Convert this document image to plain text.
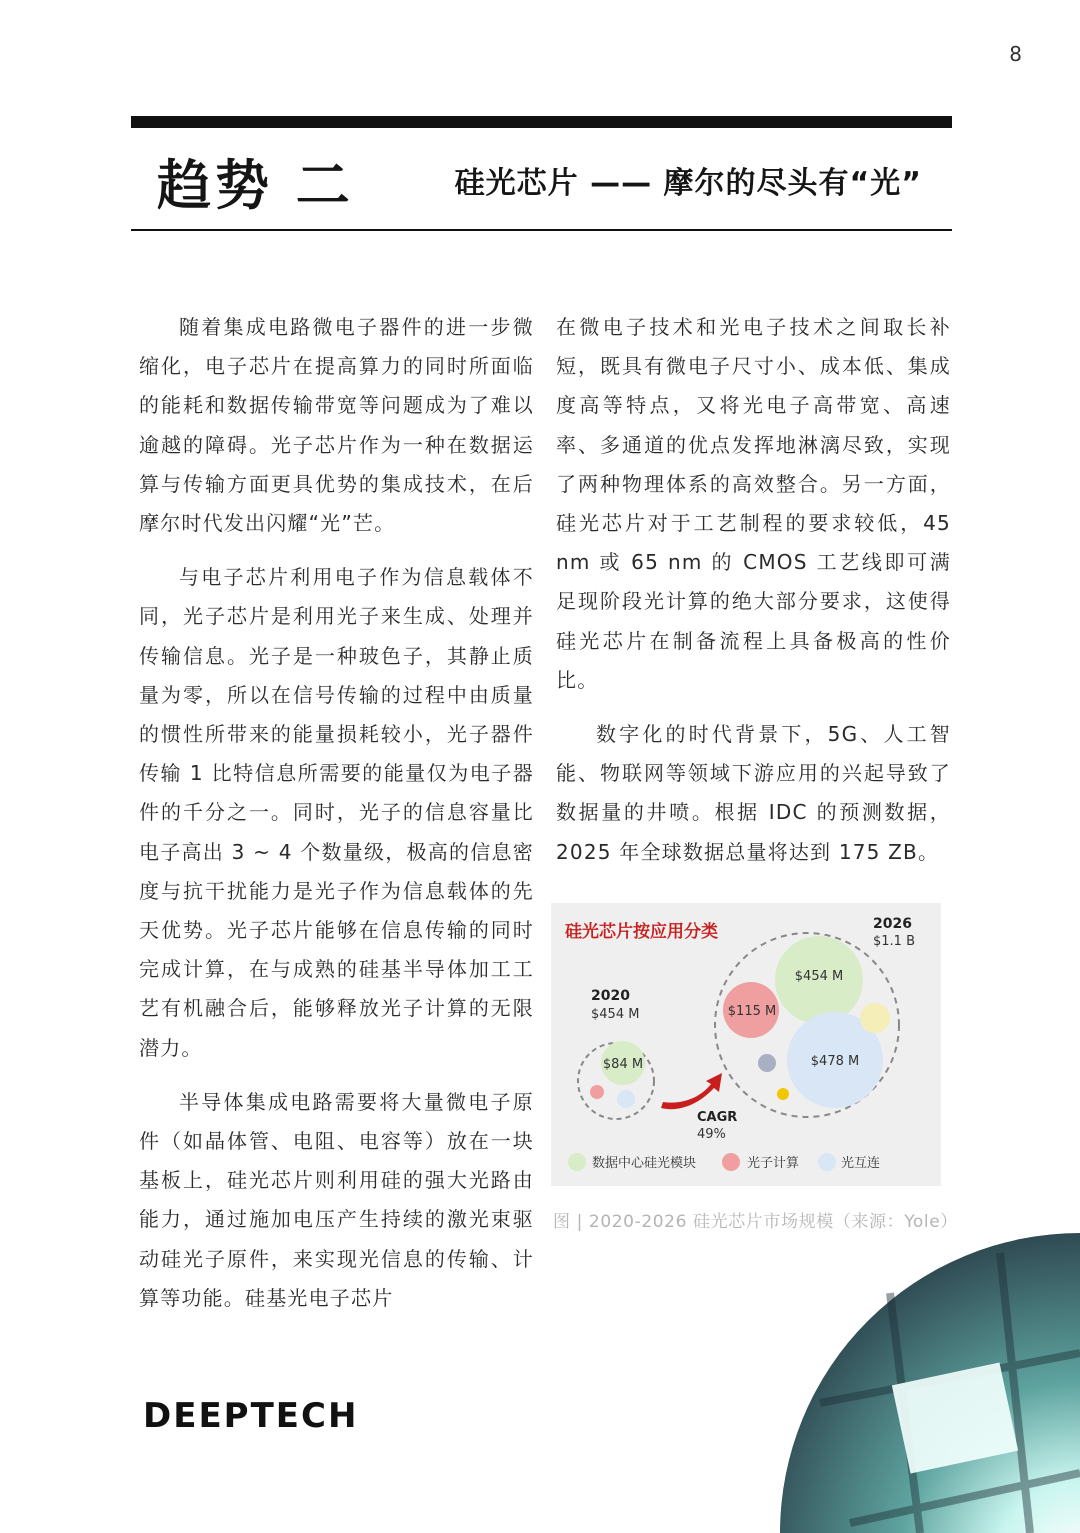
8
趋势 二	硅光芯片 —— 摩尔的尽头有“光”

随着集成电路微电子器件的进一步微缩化，电子芯片在提高算力的同时所面临的能耗和数据传输带宽等问题成为了难以逾越的障碍。光子芯片作为一种在数据运算与传输方面更具优势的集成技术，在后摩尔时代发出闪耀“光”芒。

与电子芯片利用电子作为信息载体不同，光子芯片是利用光子来生成、处理并传输信息。光子是一种玻色子，其静止质量为零，所以在信号传输的过程中由质量的惯性所带来的能量损耗较小，光子器件传输 1 比特信息所需要的能量仅为电子器件的千分之一。同时，光子的信息容量比电子高出 3 ~ 4 个数量级，极高的信息密度与抗干扰能力是光子作为信息载体的先天优势。光子芯片能够在信息传输的同时完成计算，在与成熟的硅基半导体加工工艺有机融合后，能够释放光子计算的无限潜力。

半导体集成电路需要将大量微电子原件（如晶体管、电阻、电容等）放在一块基板上，硅光芯片则利用硅的强大光路由能力，通过施加电压产生持续的激光束驱动硅光子原件，来实现光信息的传输、计算等功能。硅基光电子芯片

在微电子技术和光电子技术之间取长补短，既具有微电子尺寸小、成本低、集成度高等特点，又将光电子高带宽、高速率、多通道的优点发挥地淋漓尽致，实现了两种物理体系的高效整合。另一方面，硅光芯片对于工艺制程的要求较低，45 nm 或 65 nm 的 CMOS 工艺线即可满足现阶段光计算的绝大部分要求，这使得硅光芯片在制备流程上具备极高的性价比。

数字化的时代背景下，5G、人工智能、物联网等领域下游应用的兴起导致了数据量的井喷。根据 IDC 的预测数据，2025 年全球数据总量将达到 175 ZB。

硅光芯片按应用分类	2026
$1.1 B
2020
$454 M
$84 M
$454 M
$115 M
$478 M
CAGR
49%
数据中心硅光模块	光子计算	光互连
图 | 2020-2026 硅光芯片市场规模（来源：Yole）
DEEPTECH
